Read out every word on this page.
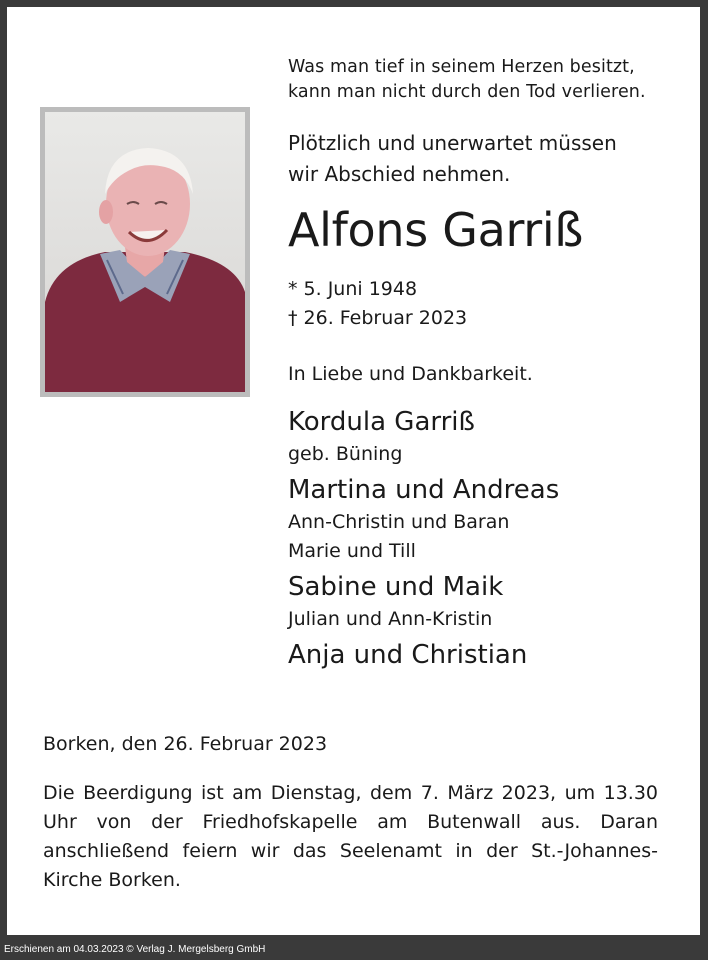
Was man tief in seinem Herzen besitzt,
kann man nicht durch den Tod verlieren.

Plötzlich und unerwartet müssen
wir Abschied nehmen.

Alfons Garriß

* 5. Juni 1948
† 26. Februar 2023

In Liebe und Dankbarkeit.

Kordula Garriß

geb. Büning

Martina und Andreas

Ann-Christin und Baran

Marie und Till

Sabine und Maik

Julian und Ann-Kristin

Anja und Christian

Borken, den 26. Februar 2023

Die Beerdigung ist am Dienstag, dem 7. März 2023, um 13.30 Uhr von der Friedhofskapelle am Butenwall aus. Daran anschließend feiern wir das Seelenamt in der St.-Johannes-Kirche Borken.

Erschienen am 04.03.2023 © Verlag J. Mergelsberg GmbH
